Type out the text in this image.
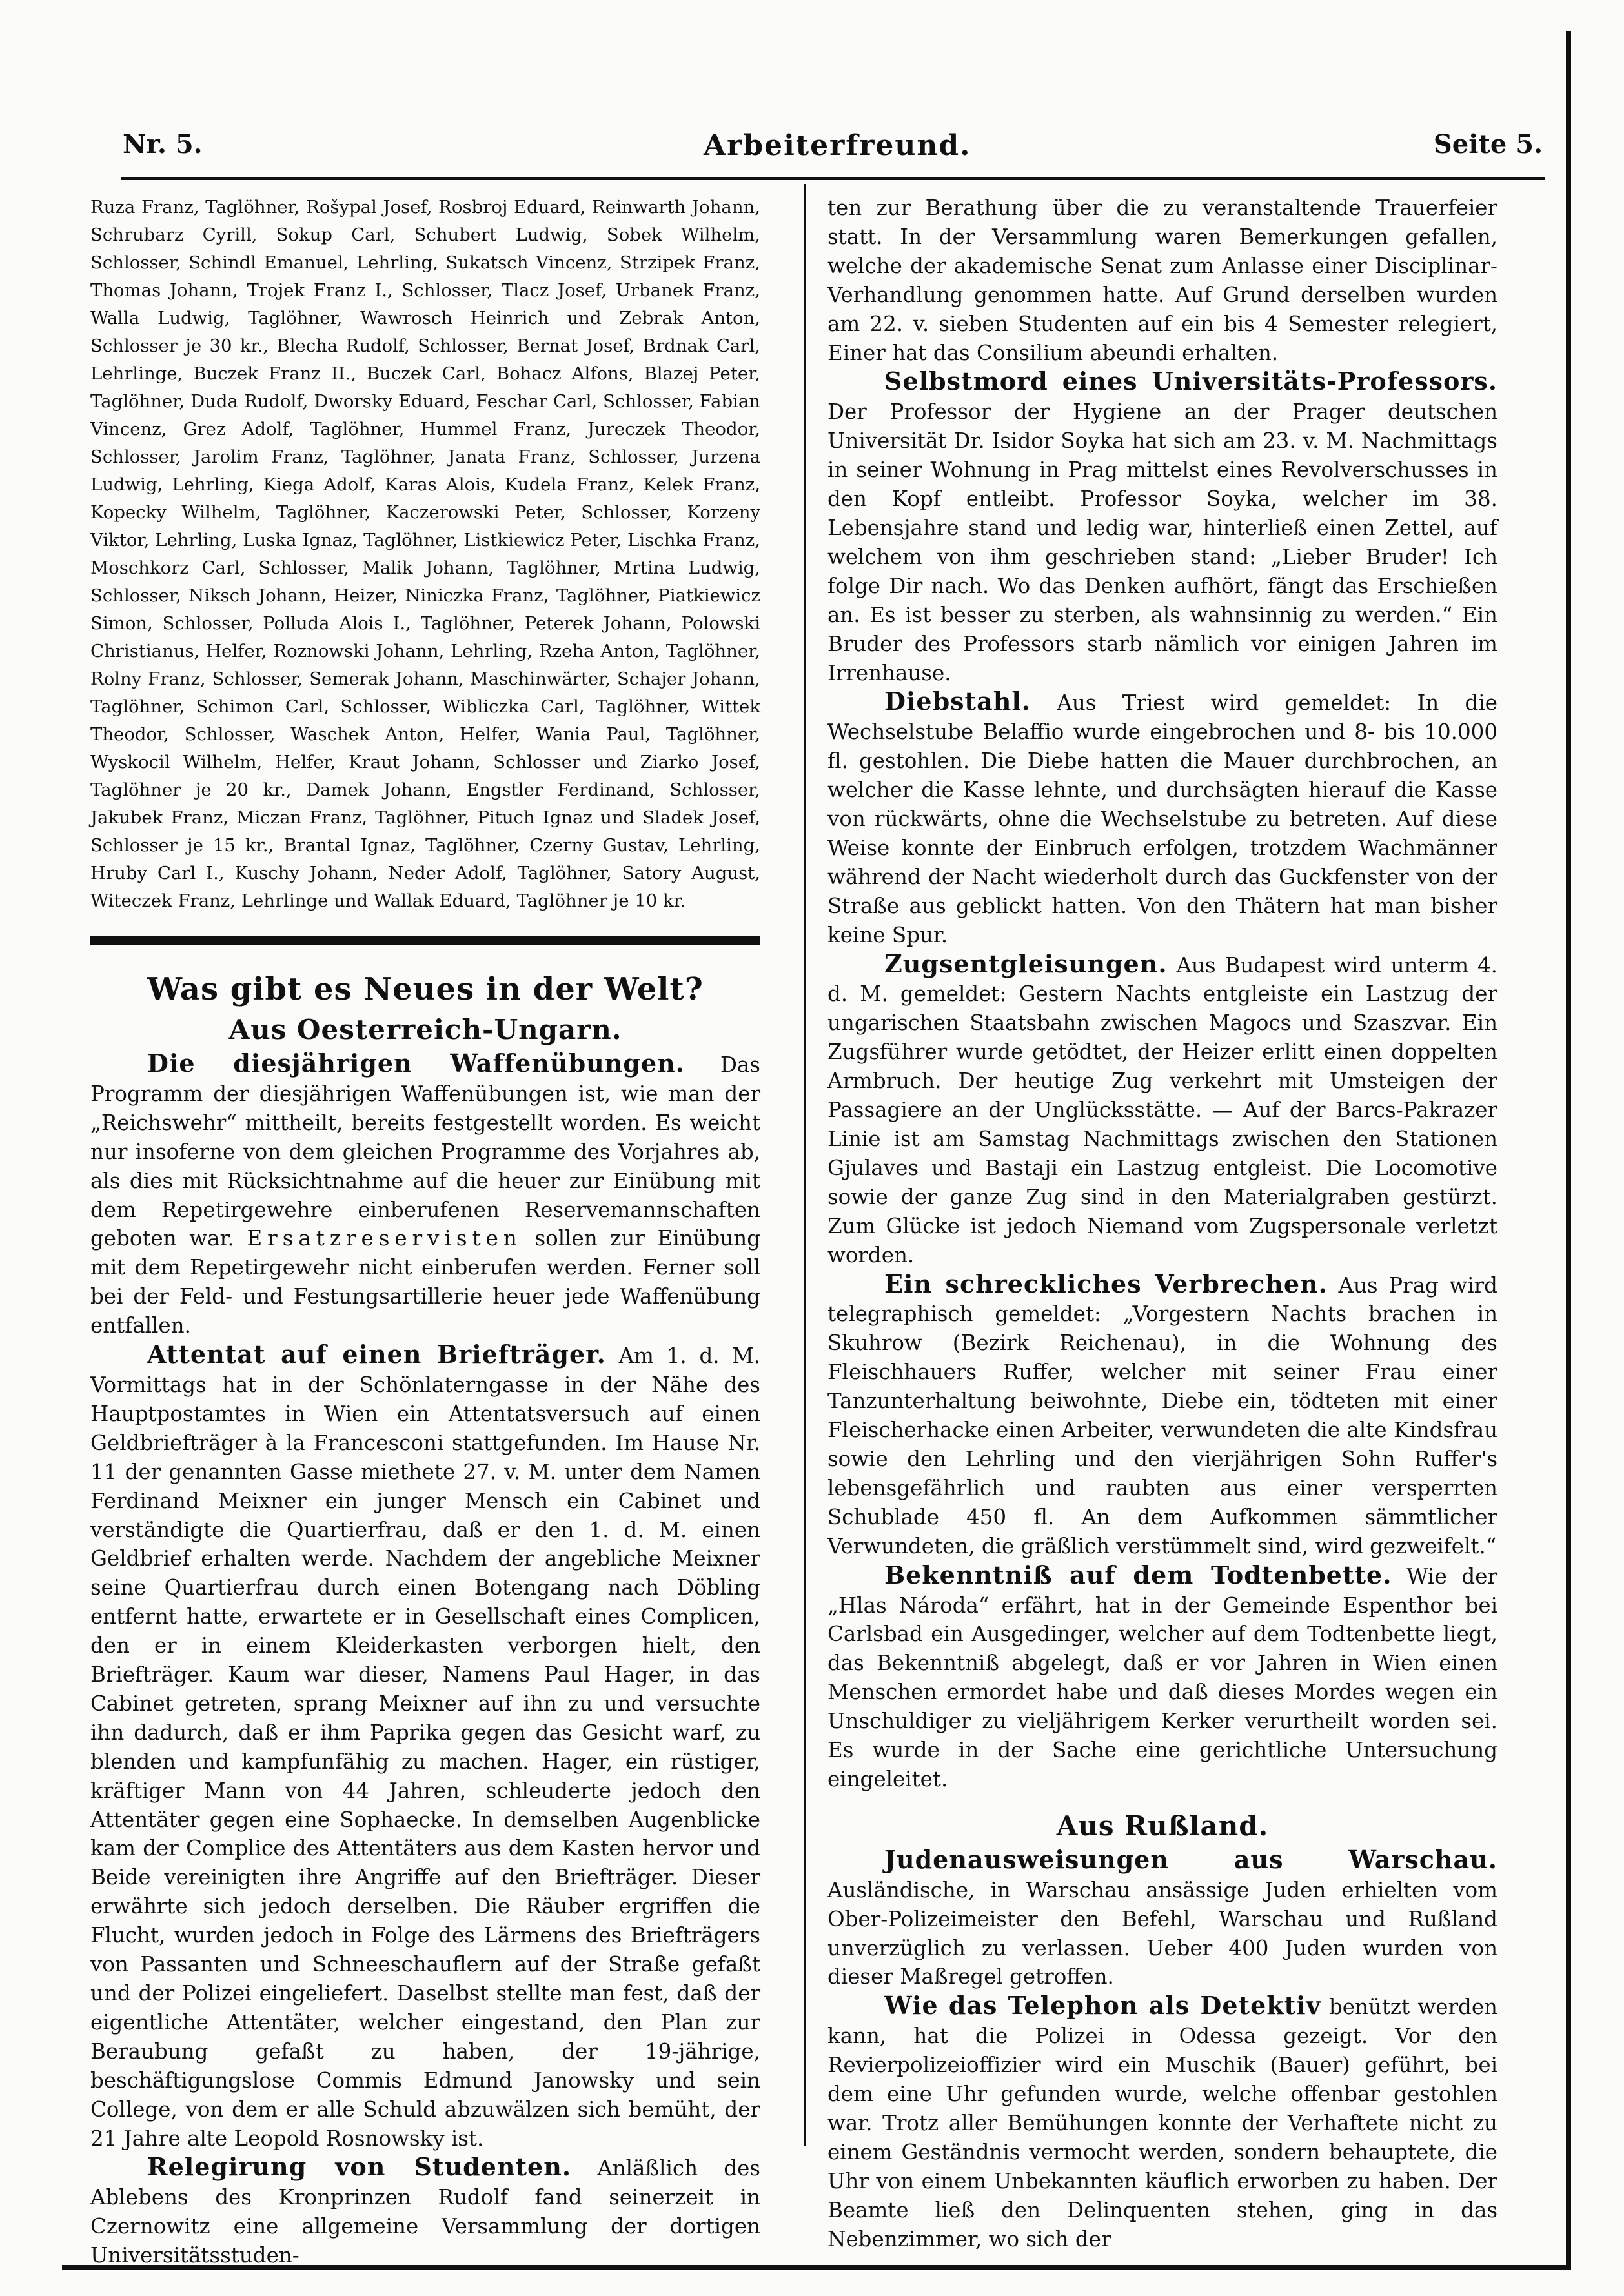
Nr. 5.	Arbeiterfreund.	Seite 5.

Ruza Franz, Taglöhner, Rošypal Josef, Rosbroj Eduard, Reinwarth Johann, Schrubarz Cyrill, Sokup Carl, Schubert Ludwig, Sobek Wilhelm, Schlosser, Schindl Emanuel, Lehrling, Sukatsch Vincenz, Strzipek Franz, Thomas Johann, Trojek Franz I., Schlosser, Tlacz Josef, Urbanek Franz, Walla Ludwig, Taglöhner, Wawrosch Heinrich und Zebrak Anton, Schlosser je 30 kr., Blecha Rudolf, Schlosser, Bernat Josef, Brdnak Carl, Lehrlinge, Buczek Franz II., Buczek Carl, Bohacz Alfons, Blazej Peter, Taglöhner, Duda Rudolf, Dworsky Eduard, Feschar Carl, Schlosser, Fabian Vincenz, Grez Adolf, Taglöhner, Hummel Franz, Jureczek Theodor, Schlosser, Jarolim Franz, Taglöhner, Janata Franz, Schlosser, Jurzena Ludwig, Lehrling, Kiega Adolf, Karas Alois, Kudela Franz, Kelek Franz, Kopecky Wilhelm, Taglöhner, Kaczerowski Peter, Schlosser, Korzeny Viktor, Lehrling, Luska Ignaz, Taglöhner, Listkiewicz Peter, Lischka Franz, Moschkorz Carl, Schlosser, Malik Johann, Taglöhner, Mrtina Ludwig, Schlosser, Niksch Johann, Heizer, Niniczka Franz, Taglöhner, Piatkiewicz Simon, Schlosser, Polluda Alois I., Taglöhner, Peterek Johann, Polowski Christianus, Helfer, Roznowski Johann, Lehrling, Rzeha Anton, Taglöhner, Rolny Franz, Schlosser, Semerak Johann, Maschinwärter, Schajer Johann, Taglöhner, Schimon Carl, Schlosser, Wibliczka Carl, Taglöhner, Wittek Theodor, Schlosser, Waschek Anton, Helfer, Wania Paul, Taglöhner, Wyskocil Wilhelm, Helfer, Kraut Johann, Schlosser und Ziarko Josef, Taglöhner je 20 kr., Damek Johann, Engstler Ferdinand, Schlosser, Jakubek Franz, Miczan Franz, Taglöhner, Pituch Ignaz und Sladek Josef, Schlosser je 15 kr., Brantal Ignaz, Taglöhner, Czerny Gustav, Lehrling, Hruby Carl I., Kuschy Johann, Neder Adolf, Taglöhner, Satory August, Witeczek Franz, Lehrlinge und Wallak Eduard, Taglöhner je 10 kr.

Was gibt es Neues in der Welt?

Aus Oesterreich-Ungarn.

Die diesjährigen Waffenübungen. Das Programm der diesjährigen Waffenübungen ist, wie man der „Reichswehr“ mittheilt, bereits festgestellt worden. Es weicht nur insoferne von dem gleichen Programme des Vorjahres ab, als dies mit Rücksichtnahme auf die heuer zur Einübung mit dem Repetirgewehre einberufenen Reservemannschaften geboten war. Ersatzreservisten sollen zur Einübung mit dem Repetirgewehr nicht einberufen werden. Ferner soll bei der Feld- und Festungsartillerie heuer jede Waffenübung entfallen.

Attentat auf einen Briefträger. Am 1. d. M. Vormittags hat in der Schönlaterngasse in der Nähe des Hauptpostamtes in Wien ein Attentatsversuch auf einen Geldbriefträger à la Francesconi stattgefunden. Im Hause Nr. 11 der genannten Gasse miethete 27. v. M. unter dem Namen Ferdinand Meixner ein junger Mensch ein Cabinet und verständigte die Quartierfrau, daß er den 1. d. M. einen Geldbrief erhalten werde. Nachdem der angebliche Meixner seine Quartierfrau durch einen Botengang nach Döbling entfernt hatte, erwartete er in Gesellschaft eines Complicen, den er in einem Kleiderkasten verborgen hielt, den Briefträger. Kaum war dieser, Namens Paul Hager, in das Cabinet getreten, sprang Meixner auf ihn zu und versuchte ihn dadurch, daß er ihm Paprika gegen das Gesicht warf, zu blenden und kampfunfähig zu machen. Hager, ein rüstiger, kräftiger Mann von 44 Jahren, schleuderte jedoch den Attentäter gegen eine Sophaecke. In demselben Augenblicke kam der Complice des Attentäters aus dem Kasten hervor und Beide vereinigten ihre Angriffe auf den Briefträger. Dieser erwährte sich jedoch derselben. Die Räuber ergriffen die Flucht, wurden jedoch in Folge des Lärmens des Briefträgers von Passanten und Schneeschauflern auf der Straße gefaßt und der Polizei eingeliefert. Daselbst stellte man fest, daß der eigentliche Attentäter, welcher eingestand, den Plan zur Beraubung gefaßt zu haben, der 19-jährige, beschäftigungslose Commis Edmund Janowsky und sein College, von dem er alle Schuld abzuwälzen sich bemüht, der 21 Jahre alte Leopold Rosnowsky ist.

Relegirung von Studenten. Anläßlich des Ablebens des Kronprinzen Rudolf fand seinerzeit in Czernowitz eine allgemeine Versammlung der dortigen Universitätsstuden-

ten zur Berathung über die zu veranstaltende Trauerfeier statt. In der Versammlung waren Bemerkungen gefallen, welche der akademische Senat zum Anlasse einer Disciplinar-Verhandlung genommen hatte. Auf Grund derselben wurden am 22. v. sieben Studenten auf ein bis 4 Semester relegiert, Einer hat das Consilium abeundi erhalten.

Selbstmord eines Universitäts-Professors. Der Professor der Hygiene an der Prager deutschen Universität Dr. Isidor Soyka hat sich am 23. v. M. Nachmittags in seiner Wohnung in Prag mittelst eines Revolverschusses in den Kopf entleibt. Professor Soyka, welcher im 38. Lebensjahre stand und ledig war, hinterließ einen Zettel, auf welchem von ihm geschrieben stand: „Lieber Bruder! Ich folge Dir nach. Wo das Denken aufhört, fängt das Erschießen an. Es ist besser zu sterben, als wahnsinnig zu werden.“ Ein Bruder des Professors starb nämlich vor einigen Jahren im Irrenhause.

Diebstahl. Aus Triest wird gemeldet: In die Wechselstube Belaffio wurde eingebrochen und 8- bis 10.000 fl. gestohlen. Die Diebe hatten die Mauer durchbrochen, an welcher die Kasse lehnte, und durchsägten hierauf die Kasse von rückwärts, ohne die Wechselstube zu betreten. Auf diese Weise konnte der Einbruch erfolgen, trotzdem Wachmänner während der Nacht wiederholt durch das Guckfenster von der Straße aus geblickt hatten. Von den Thätern hat man bisher keine Spur.

Zugsentgleisungen. Aus Budapest wird unterm 4. d. M. gemeldet: Gestern Nachts entgleiste ein Lastzug der ungarischen Staatsbahn zwischen Magocs und Szaszvar. Ein Zugsführer wurde getödtet, der Heizer erlitt einen doppelten Armbruch. Der heutige Zug verkehrt mit Umsteigen der Passagiere an der Unglücksstätte. — Auf der Barcs-Pakrazer Linie ist am Samstag Nachmittags zwischen den Stationen Gjulaves und Bastaji ein Lastzug entgleist. Die Locomotive sowie der ganze Zug sind in den Materialgraben gestürzt. Zum Glücke ist jedoch Niemand vom Zugspersonale verletzt worden.

Ein schreckliches Verbrechen. Aus Prag wird telegraphisch gemeldet: „Vorgestern Nachts brachen in Skuhrow (Bezirk Reichenau), in die Wohnung des Fleischhauers Ruffer, welcher mit seiner Frau einer Tanzunterhaltung beiwohnte, Diebe ein, tödteten mit einer Fleischerhacke einen Arbeiter, verwundeten die alte Kindsfrau sowie den Lehrling und den vierjährigen Sohn Ruffer's lebensgefährlich und raubten aus einer versperrten Schublade 450 fl. An dem Aufkommen sämmtlicher Verwundeten, die gräßlich verstümmelt sind, wird gezweifelt.“

Bekenntniß auf dem Todtenbette. Wie der „Hlas Národa“ erfährt, hat in der Gemeinde Espenthor bei Carlsbad ein Ausgedinger, welcher auf dem Todtenbette liegt, das Bekenntniß abgelegt, daß er vor Jahren in Wien einen Menschen ermordet habe und daß dieses Mordes wegen ein Unschuldiger zu vieljährigem Kerker verurtheilt worden sei. Es wurde in der Sache eine gerichtliche Untersuchung eingeleitet.

Aus Rußland.

Judenausweisungen aus Warschau. Ausländische, in Warschau ansässige Juden erhielten vom Ober-Polizeimeister den Befehl, Warschau und Rußland unverzüglich zu verlassen. Ueber 400 Juden wurden von dieser Maßregel getroffen.

Wie das Telephon als Detektiv benützt werden kann, hat die Polizei in Odessa gezeigt. Vor den Revierpolizeioffizier wird ein Muschik (Bauer) geführt, bei dem eine Uhr gefunden wurde, welche offenbar gestohlen war. Trotz aller Bemühungen konnte der Verhaftete nicht zu einem Geständnis vermocht werden, sondern behauptete, die Uhr von einem Unbekannten käuflich erworben zu haben. Der Beamte ließ den Delinquenten stehen, ging in das Nebenzimmer, wo sich der
